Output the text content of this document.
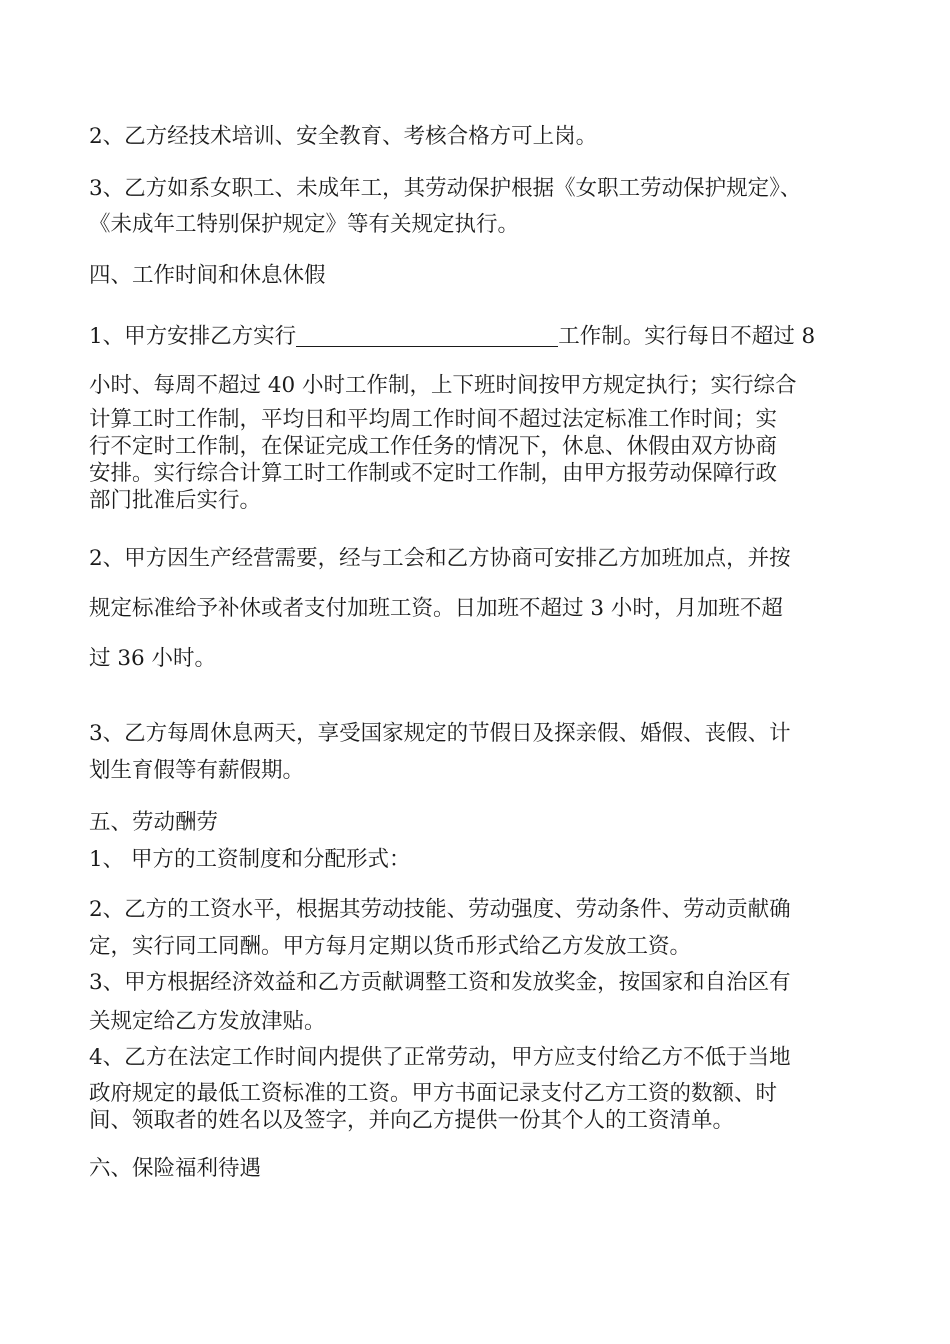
2、乙方经技术培训、安全教育、考核合格方可上岗。
3、乙方如系女职工、未成年工，其劳动保护根据《女职工劳动保护规定》、
《未成年工特别保护规定》等有关规定执行。
四、工作时间和休息休假
1、甲方安排乙方实行	工作制。实行每日不超过 8
小时、每周不超过 40 小时工作制，上下班时间按甲方规定执行；实行综合
计算工时工作制，平均日和平均周工作时间不超过法定标准工作时间；实
行不定时工作制，在保证完成工作任务的情况下，休息、休假由双方协商
安排。实行综合计算工时工作制或不定时工作制，由甲方报劳动保障行政
部门批准后实行。
2、甲方因生产经营需要，经与工会和乙方协商可安排乙方加班加点，并按
规定标准给予补休或者支付加班工资。日加班不超过 3 小时，月加班不超
过 36 小时。
3、乙方每周休息两天，享受国家规定的节假日及探亲假、婚假、丧假、计
划生育假等有薪假期。
五、劳动酬劳
1、 甲方的工资制度和分配形式：
2、乙方的工资水平，根据其劳动技能、劳动强度、劳动条件、劳动贡献确
定，实行同工同酬。甲方每月定期以货币形式给乙方发放工资。
3、甲方根据经济效益和乙方贡献调整工资和发放奖金，按国家和自治区有
关规定给乙方发放津贴。
4、乙方在法定工作时间内提供了正常劳动，甲方应支付给乙方不低于当地
政府规定的最低工资标准的工资。甲方书面记录支付乙方工资的数额、时
间、领取者的姓名以及签字，并向乙方提供一份其个人的工资清单。
六、保险福利待遇
